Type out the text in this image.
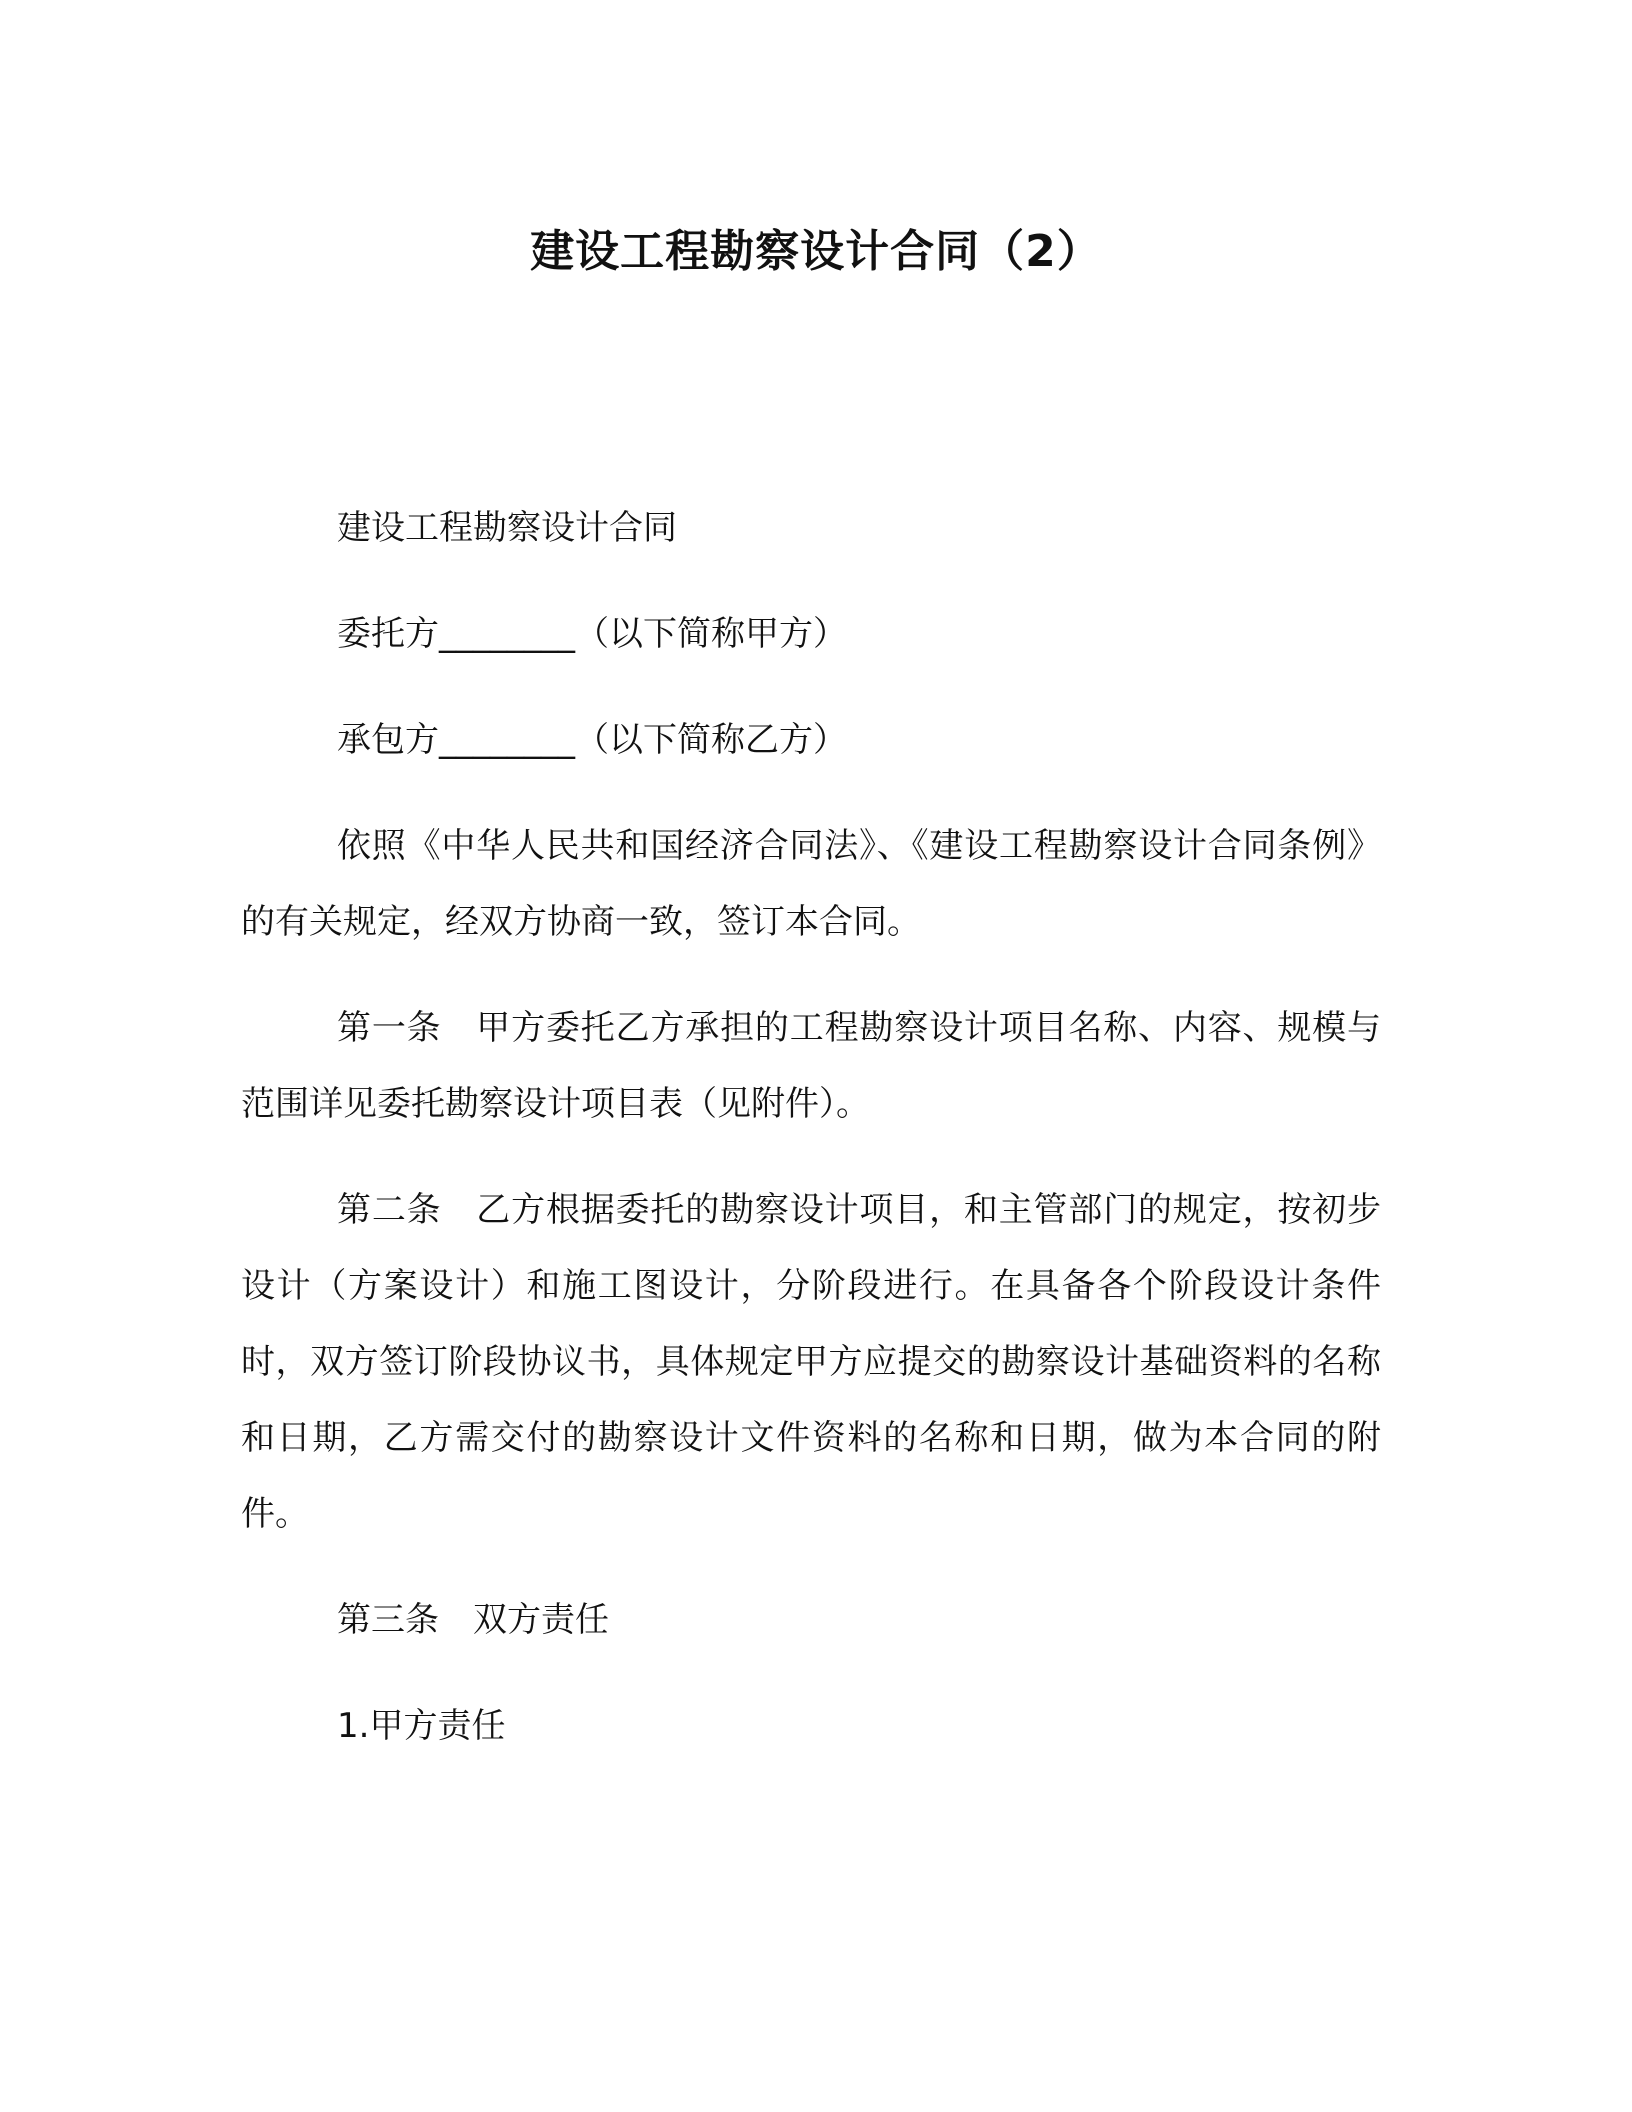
建设工程勘察设计合同（2）

建设工程勘察设计合同

委托方________（以下简称甲方）

承包方________（以下简称乙方）

依照《中华人民共和国经济合同法》、《建设工程勘察设计合同条例》的有关规定，经双方协商一致，签订本合同。

第一条　甲方委托乙方承担的工程勘察设计项目名称、内容、规模与范围详见委托勘察设计项目表（见附件）。

第二条　乙方根据委托的勘察设计项目，和主管部门的规定，按初步设计（方案设计）和施工图设计，分阶段进行。在具备各个阶段设计条件时，双方签订阶段协议书，具体规定甲方应提交的勘察设计基础资料的名称和日期，乙方需交付的勘察设计文件资料的名称和日期，做为本合同的附件。

第三条　双方责任

1.甲方责任
